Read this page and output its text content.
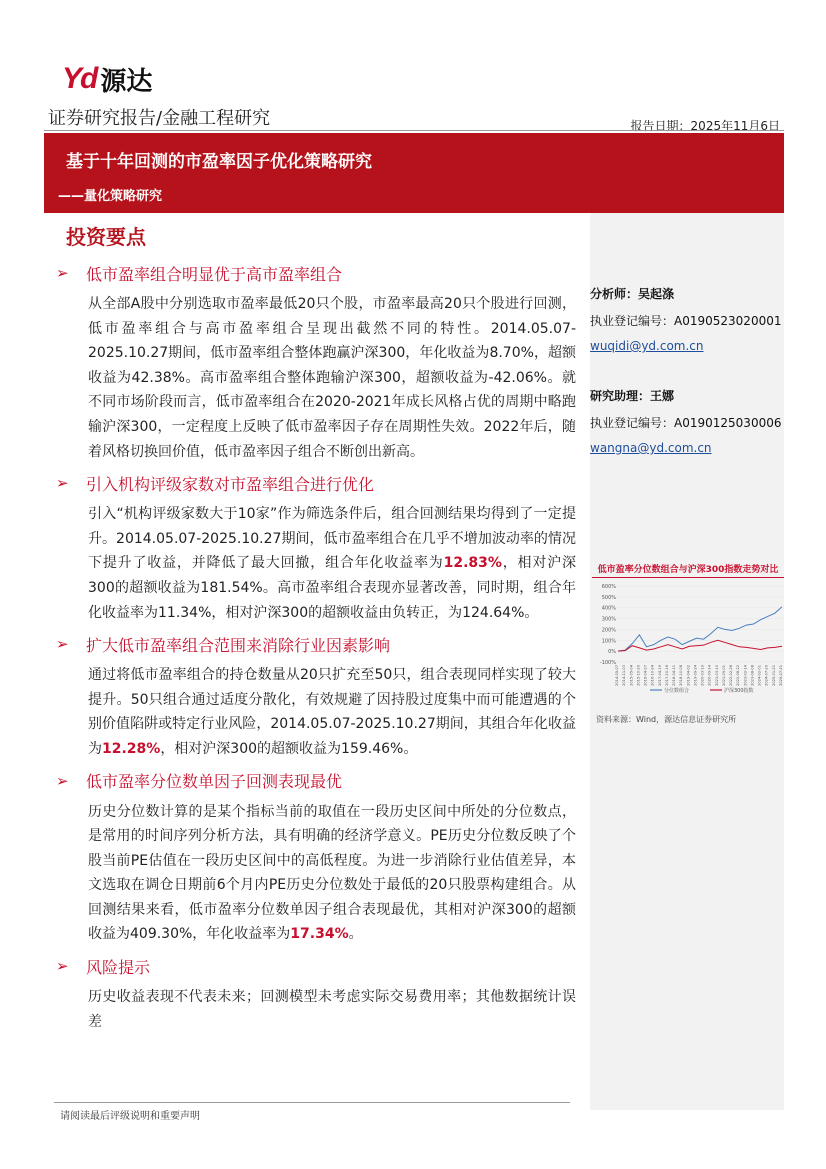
Yd 源达
证券研究报告/金融工程研究	报告日期：2025年11月6日
基于十年回测的市盈率因子优化策略研究
——量化策略研究
投资要点
➢	低市盈率组合明显优于高市盈率组合
从全部A股中分别选取市盈率最低20只个股，市盈率最高20只个股进行回测，低市盈率组合与高市盈率组合呈现出截然不同的特性。2014.05.07-2025.10.27期间，低市盈率组合整体跑赢沪深300，年化收益为8.70%，超额收益为42.38%。高市盈率组合整体跑输沪深300，超额收益为-42.06%。就不同市场阶段而言，低市盈率组合在2020-2021年成长风格占优的周期中略跑输沪深300，一定程度上反映了低市盈率因子存在周期性失效。2022年后，随着风格切换回价值，低市盈率因子组合不断创出新高。
➢	引入机构评级家数对市盈率组合进行优化
引入“机构评级家数大于10家”作为筛选条件后，组合回测结果均得到了一定提升。2014.05.07-2025.10.27期间，低市盈率组合在几乎不增加波动率的情况下提升了收益，并降低了最大回撤，组合年化收益率为12.83%，相对沪深300的超额收益为181.54%。高市盈率组合表现亦显著改善，同时期，组合年化收益率为11.34%，相对沪深300的超额收益由负转正，为124.64%。
➢	扩大低市盈率组合范围来消除行业因素影响
通过将低市盈率组合的持仓数量从20只扩充至50只，组合表现同样实现了较大提升。50只组合通过适度分散化，有效规避了因持股过度集中而可能遭遇的个别价值陷阱或特定行业风险，2014.05.07-2025.10.27期间，其组合年化收益为12.28%，相对沪深300的超额收益为159.46%。
➢	低市盈率分位数单因子回测表现最优
历史分位数计算的是某个指标当前的取值在一段历史区间中所处的分位数点，是常用的时间序列分析方法，具有明确的经济学意义。PE历史分位数反映了个股当前PE估值在一段历史区间中的高低程度。为进一步消除行业估值差异，本文选取在调仓日期前6个月内PE历史分位数处于最低的20只股票构建组合。从回测结果来看，低市盈率分位数单因子组合表现最优，其相对沪深300的超额收益为409.30%，年化收益率为17.34%。
➢	风险提示
历史收益表现不代表未来；回测模型未考虑实际交易费用率；其他数据统计误差
分析师：吴起涤
执业登记编号：A0190523020001
wuqidi@yd.com.cn
研究助理：王娜
执业登记编号：A0190125030006
wangna@yd.com.cn
低市盈率分位数组合与沪深300指数走势对比
600%
500%
400%
300%
200%
100%
0%
-100%
2014-05-07 2014-11-03 2015-05-04 2015-10-29 2016-04-27 2016-10-24 2017-04-19 2017-10-16 2018-04-11 2018-10-08 2019-04-02 2019-09-24 2020-03-19 2020-09-14 2021-03-10 2021-09-01 2022-02-28 2022-08-22 2023-02-14 2023-08-08 2024-02-01 2024-07-29 2025-01-21 2025-07-21
分位数组合	沪深300指数
资料来源：Wind，源达信息证券研究所
请阅读最后评级说明和重要声明
